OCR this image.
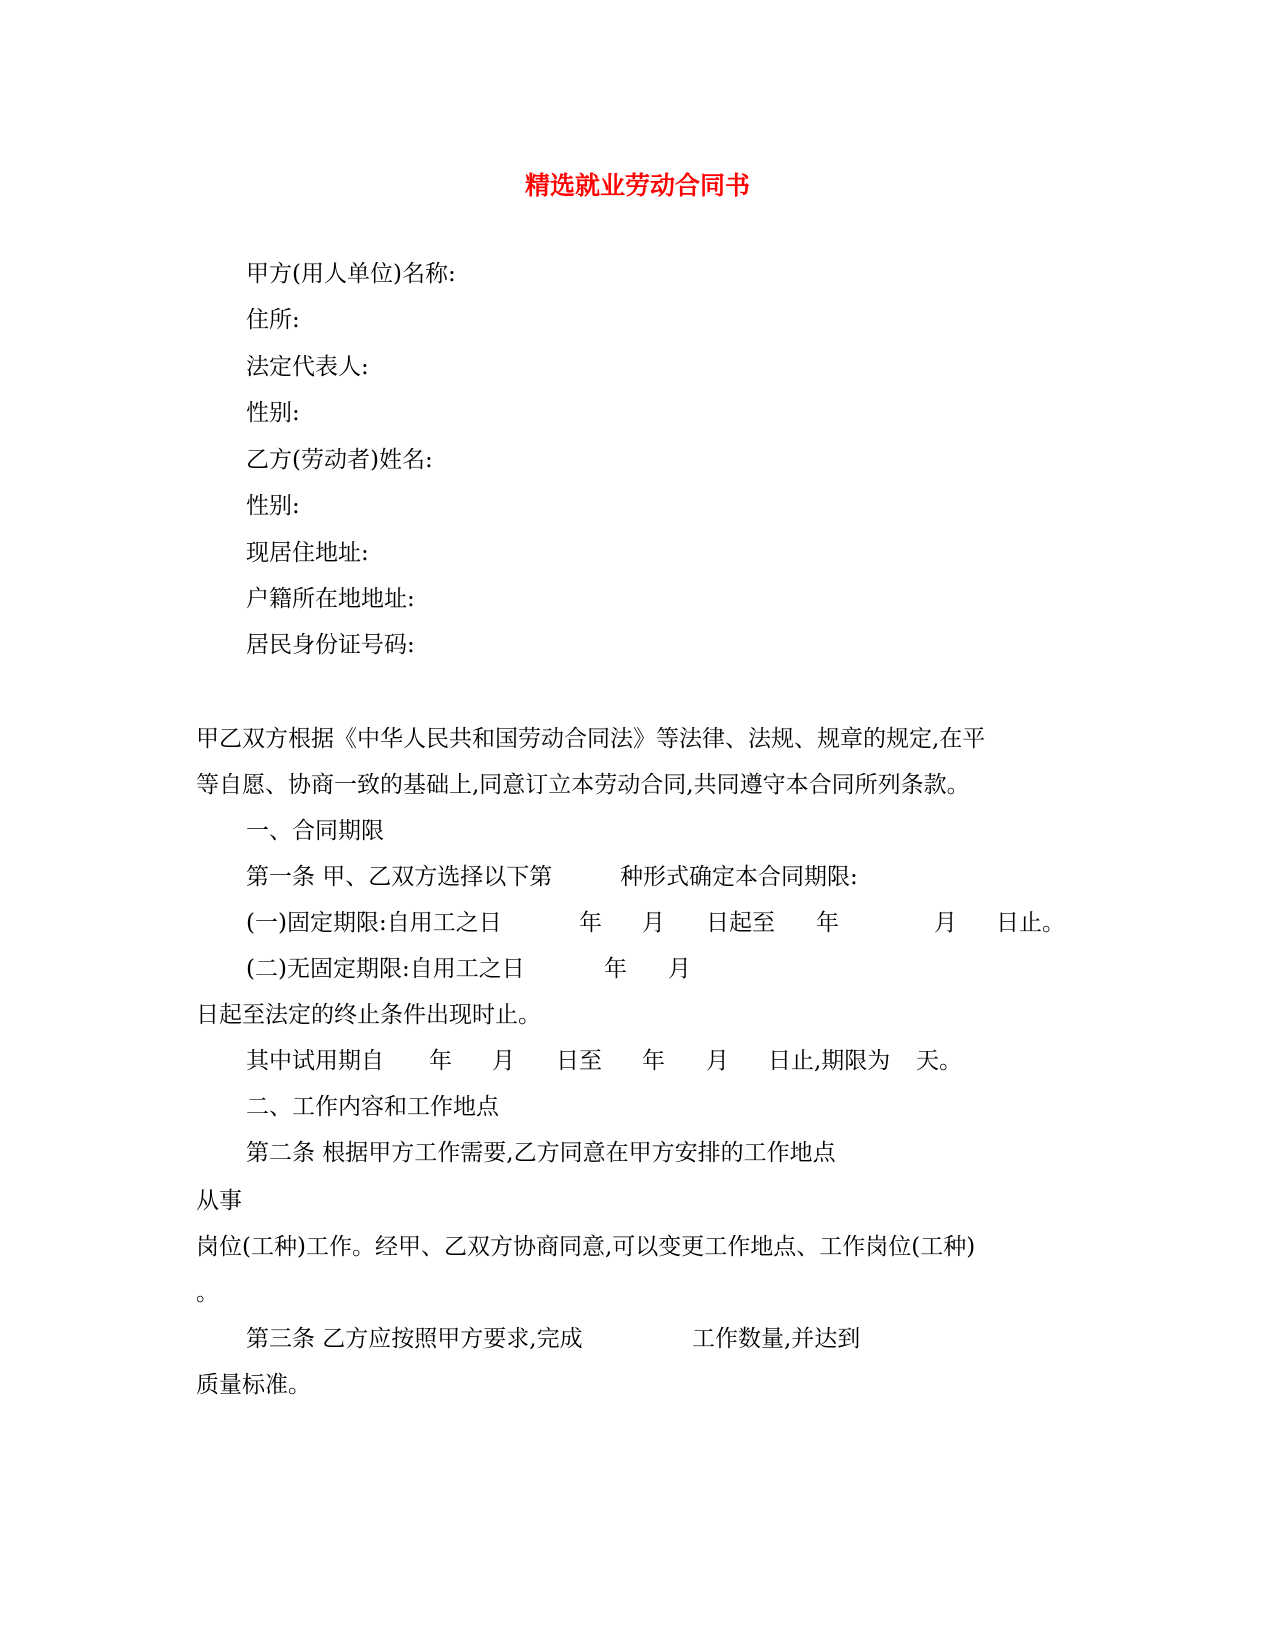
精选就业劳动合同书
甲方(用人单位)名称:
住所:
法定代表人:
性别:
乙方(劳动者)姓名:
性别:
现居住地址:
户籍所在地地址:
居民身份证号码:
甲乙双方根据《中华人民共和国劳动合同法》等法律、法规、规章的规定,在平
等自愿、协商一致的基础上,同意订立本劳动合同,共同遵守本合同所列条款。
一、合同期限
第一条 甲、乙双方选择以下第	种形式确定本合同期限:
(一)固定期限:自用工之日	年 月 日起至 年	月 日止。
(二)无固定期限:自用工之日	年 月
日起至法定的终止条件出现时止。
其中试用期自 年 月 日至 年 月 日止,期限为 天。
二、工作内容和工作地点
第二条 根据甲方工作需要,乙方同意在甲方安排的工作地点
从事
岗位(工种)工作。经甲、乙双方协商同意,可以变更工作地点、工作岗位(工种)
。
第三条 乙方应按照甲方要求,完成	工作数量,并达到
质量标准。
